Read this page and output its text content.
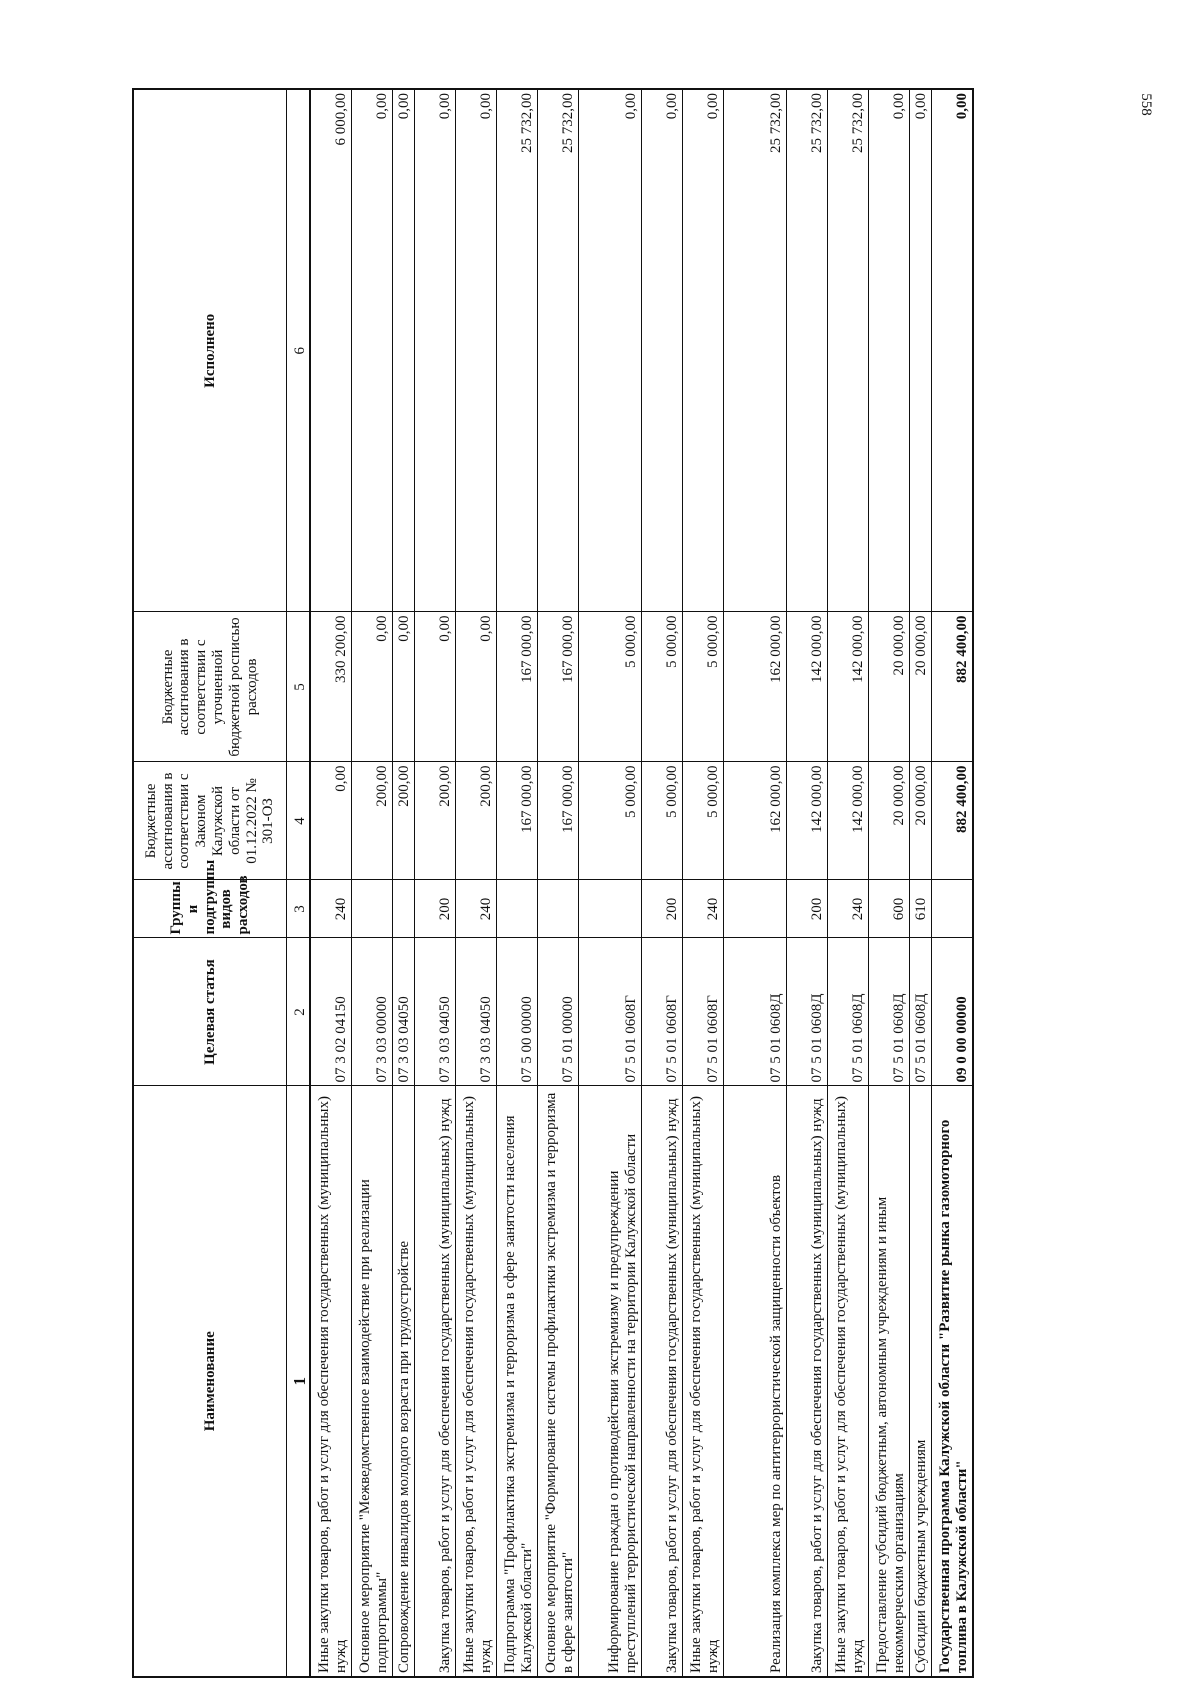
558
Наименование	Целевая статья	Группы и подгруппы видов расходов	Бюджетные ассигнования в соответствии с Законом Калужской области от 01.12.2022 № 301-ОЗ	Бюджетные ассигнования в соответствии с уточненной бюджетной росписью расходов	Исполнено
1	2	3	4	5	6
Иные закупки товаров, работ и услуг для обеспечения государственных (муниципальных) нужд	07 3 02 04150	240	0,00	330 200,00	6 000,00
Основное мероприятие "Межведомственное взаимодействие при реализации подпрограммы"	07 3 03 00000		200,00	0,00	0,00
Сопровождение инвалидов молодого возраста при трудоустройстве	07 3 03 04050		200,00	0,00	0,00
Закупка товаров, работ и услуг для обеспечения государственных (муниципальных) нужд	07 3 03 04050	200	200,00	0,00	0,00
Иные закупки товаров, работ и услуг для обеспечения государственных (муниципальных) нужд	07 3 03 04050	240	200,00	0,00	0,00
Подпрограмма "Профилактика экстремизма и терроризма в сфере занятости населения Калужской области"	07 5 00 00000		167 000,00	167 000,00	25 732,00
Основное мероприятие "Формирование системы профилактики экстремизма и терроризма в сфере занятости"	07 5 01 00000		167 000,00	167 000,00	25 732,00
Информирование граждан о противодействии экстремизму и предупреждении преступлений террористической направленности на территории Калужской области	07 5 01 0608Г		5 000,00	5 000,00	0,00
Закупка товаров, работ и услуг для обеспечения государственных (муниципальных) нужд	07 5 01 0608Г	200	5 000,00	5 000,00	0,00
Иные закупки товаров, работ и услуг для обеспечения государственных (муниципальных) нужд	07 5 01 0608Г	240	5 000,00	5 000,00	0,00
Реализация комплекса мер по антитеррористической защищенности объектов	07 5 01 0608Д		162 000,00	162 000,00	25 732,00
Закупка товаров, работ и услуг для обеспечения государственных (муниципальных) нужд	07 5 01 0608Д	200	142 000,00	142 000,00	25 732,00
Иные закупки товаров, работ и услуг для обеспечения государственных (муниципальных) нужд	07 5 01 0608Д	240	142 000,00	142 000,00	25 732,00
Предоставление субсидий бюджетным, автономным учреждениям и иным некоммерческим организациям	07 5 01 0608Д	600	20 000,00	20 000,00	0,00
Субсидии бюджетным учреждениям	07 5 01 0608Д	610	20 000,00	20 000,00	0,00
Государственная программа Калужской области "Развитие рынка газомоторного топлива в Калужской области"	09 0 00 00000		882 400,00	882 400,00	0,00
